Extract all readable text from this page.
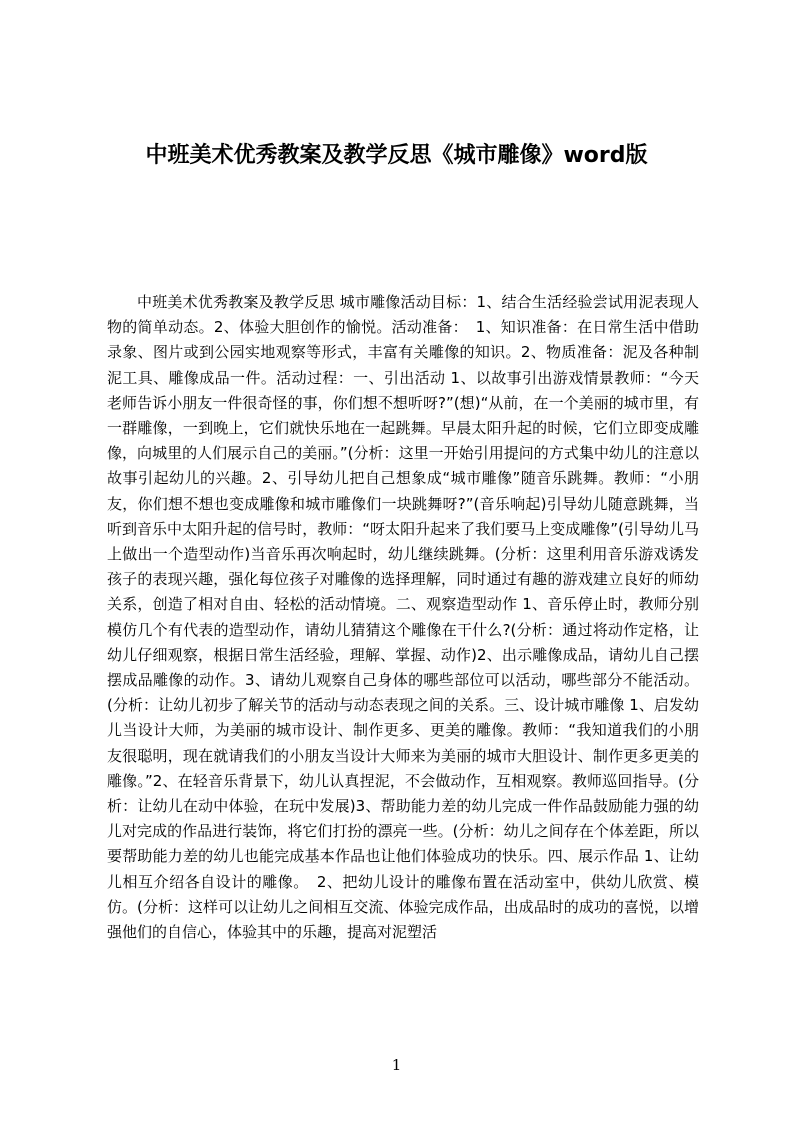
中班美术优秀教案及教学反思《城市雕像》word版

中班美术优秀教案及教学反思 城市雕像活动目标：1、结合生活经验尝试用泥表现人物的简单动态。2、体验大胆创作的愉悦。活动准备：　1、知识准备：在日常生活中借助录象、图片或到公园实地观察等形式，丰富有关雕像的知识。2、物质准备：泥及各种制泥工具、雕像成品一件。活动过程：一、引出活动 1、以故事引出游戏情景教师：“今天老师告诉小朋友一件很奇怪的事，你们想不想听呀?”(想)“从前，在一个美丽的城市里，有一群雕像，一到晚上，它们就快乐地在一起跳舞。早晨太阳升起的时候，它们立即变成雕像，向城里的人们展示自己的美丽。”(分析：这里一开始引用提问的方式集中幼儿的注意以故事引起幼儿的兴趣。2、引导幼儿把自己想象成“城市雕像”随音乐跳舞。教师：“小朋友，你们想不想也变成雕像和城市雕像们一块跳舞呀?”(音乐响起)引导幼儿随意跳舞，当听到音乐中太阳升起的信号时，教师：“呀太阳升起来了我们要马上变成雕像”(引导幼儿马上做出一个造型动作)当音乐再次响起时，幼儿继续跳舞。(分析：这里利用音乐游戏诱发孩子的表现兴趣，强化每位孩子对雕像的选择理解，同时通过有趣的游戏建立良好的师幼关系，创造了相对自由、轻松的活动情境。二、观察造型动作 1、音乐停止时，教师分别模仿几个有代表的造型动作，请幼儿猜猜这个雕像在干什么?(分析：通过将动作定格，让幼儿仔细观察，根据日常生活经验，理解、掌握、动作)2、出示雕像成品，请幼儿自己摆摆成品雕像的动作。3、请幼儿观察自己身体的哪些部位可以活动，哪些部分不能活动。(分析：让幼儿初步了解关节的活动与动态表现之间的关系。三、设计城市雕像 1、启发幼儿当设计大师，为美丽的城市设计、制作更多、更美的雕像。教师：“我知道我们的小朋友很聪明，现在就请我们的小朋友当设计大师来为美丽的城市大胆设计、制作更多更美的雕像。”2、在轻音乐背景下，幼儿认真捏泥，不会做动作，互相观察。教师巡回指导。(分析：让幼儿在动中体验，在玩中发展)3、帮助能力差的幼儿完成一件作品鼓励能力强的幼儿对完成的作品进行装饰，将它们打扮的漂亮一些。(分析：幼儿之间存在个体差距，所以要帮助能力差的幼儿也能完成基本作品也让他们体验成功的快乐。四、展示作品 1、让幼儿相互介绍各自设计的雕像。　2、把幼儿设计的雕像布置在活动室中，供幼儿欣赏、模仿。(分析：这样可以让幼儿之间相互交流、体验完成作品，出成品时的成功的喜悦，以增强他们的自信心，体验其中的乐趣，提高对泥塑活

1
